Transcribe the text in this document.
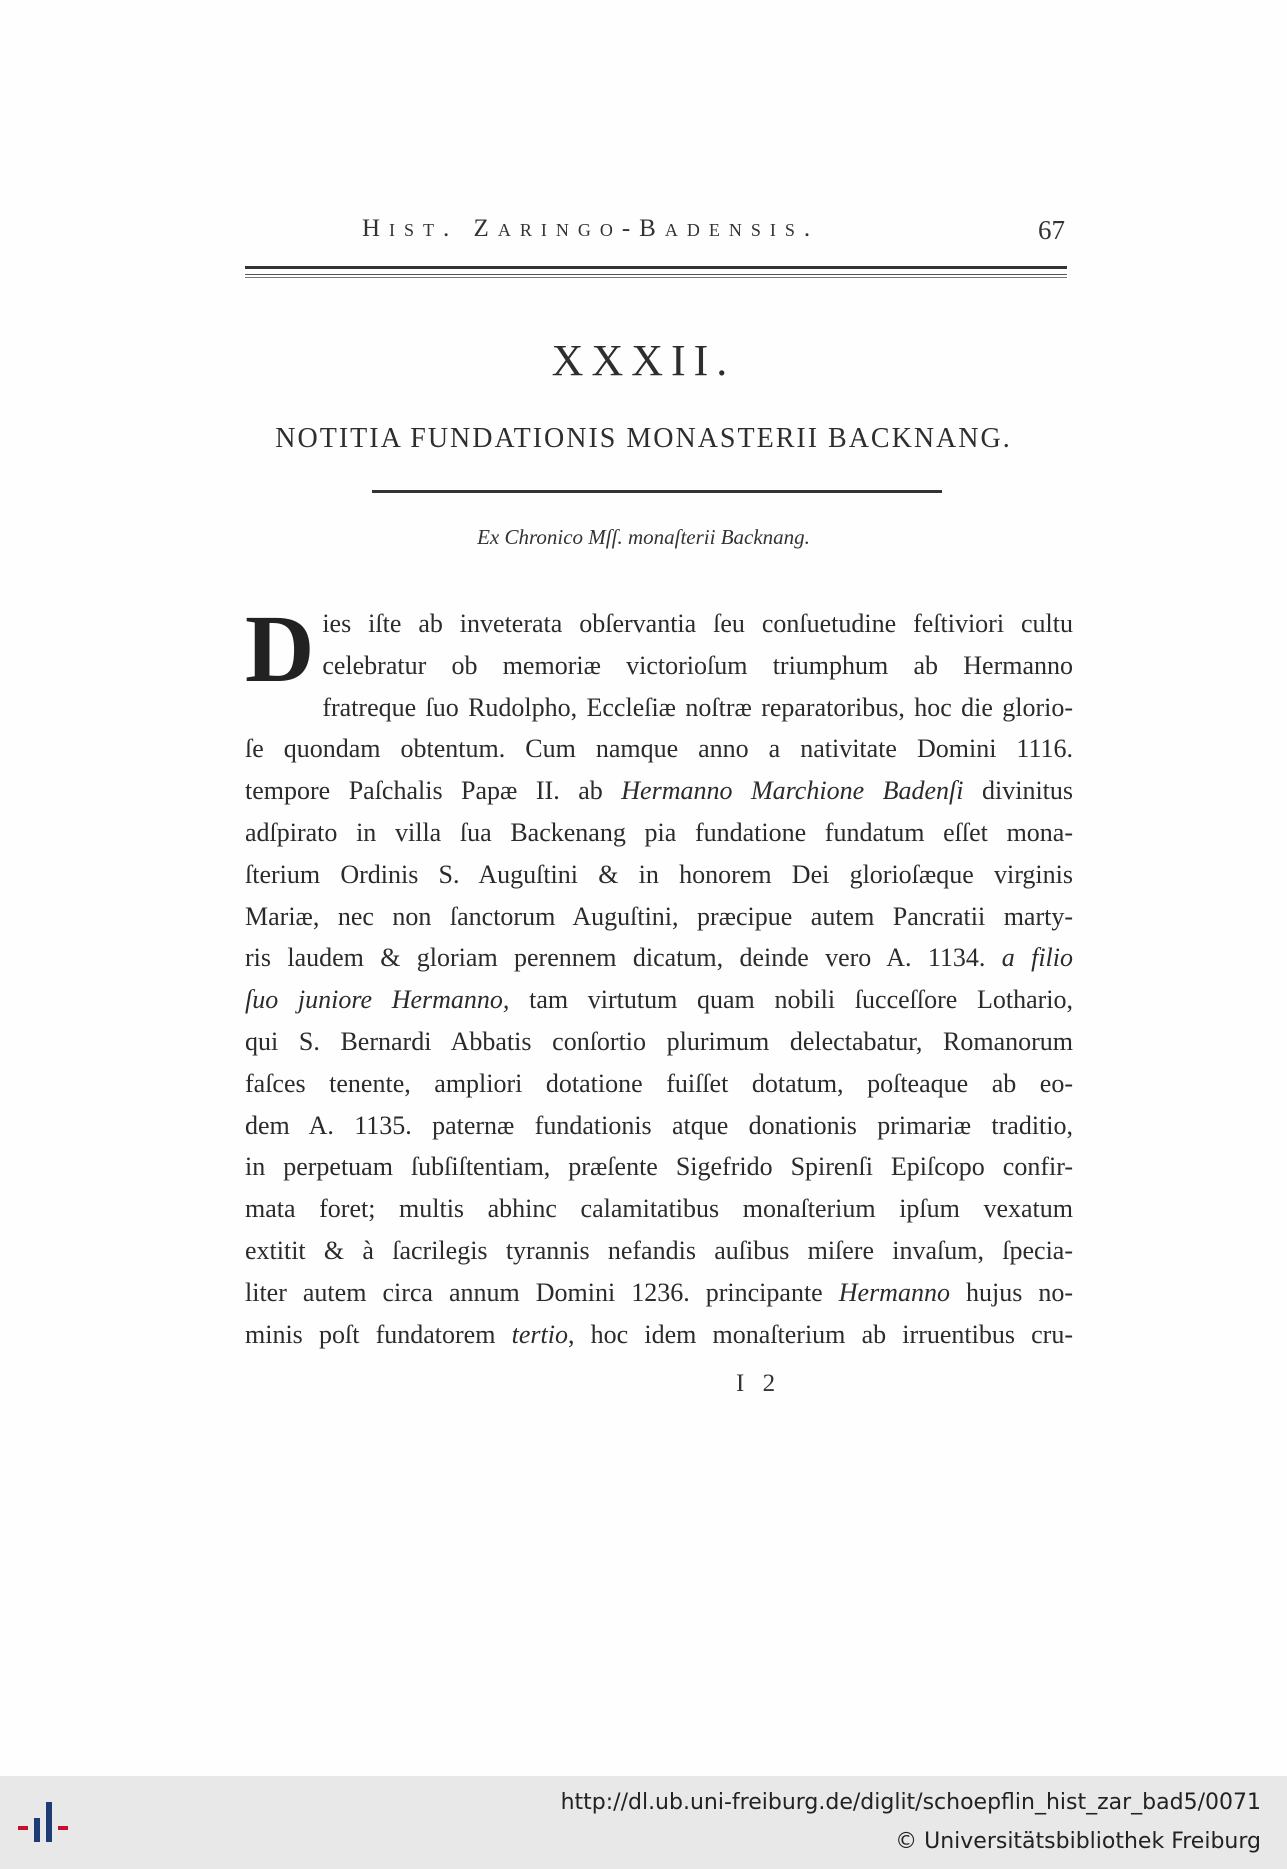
Hist. Zaringo-Badensis.	67
XXXII.
NOTITIA FUNDATIONIS MONASTERII BACKNANG.
Ex Chronico Mſſ. monaſterii Backnang.
D ies iſte ab inveterata obſervantia ſeu conſuetudine feſtiviori cultu
celebratur ob memoriæ victorioſum triumphum ab Hermanno
fratreque ſuo Rudolpho, Eccleſiæ noſtræ reparatoribus, hoc die glorio-
ſe quondam obtentum. Cum namque anno a nativitate Domini 1116.
tempore Paſchalis Papæ II. ab Hermanno Marchione Badenſi divinitus
adſpirato in villa ſua Backenang pia fundatione fundatum eſſet mona-
ſterium Ordinis S. Auguſtini & in honorem Dei glorioſæque virginis
Mariæ, nec non ſanctorum Auguſtini, præcipue autem Pancratii marty-
ris laudem & gloriam perennem dicatum, deinde vero A. 1134. a filio
ſuo juniore Hermanno, tam virtutum quam nobili ſucceſſore Lothario,
qui S. Bernardi Abbatis conſortio plurimum delectabatur, Romanorum
faſces tenente, ampliori dotatione fuiſſet dotatum, poſteaque ab eo-
dem A. 1135. paternæ fundationis atque donationis primariæ traditio,
in perpetuam ſubſiſtentiam, præſente Sigefrido Spirenſi Epiſcopo confir-
mata foret; multis abhinc calamitatibus monaſterium ipſum vexatum
extitit & à ſacrilegis tyrannis nefandis auſibus miſere invaſum, ſpecia-
liter autem circa annum Domini 1236. principante Hermanno hujus no-
minis poſt fundatorem tertio, hoc idem monaſterium ab irruentibus cru-
I 2
http://dl.ub.uni-freiburg.de/diglit/schoepflin_hist_zar_bad5/0071
© Universitätsbibliothek Freiburg
